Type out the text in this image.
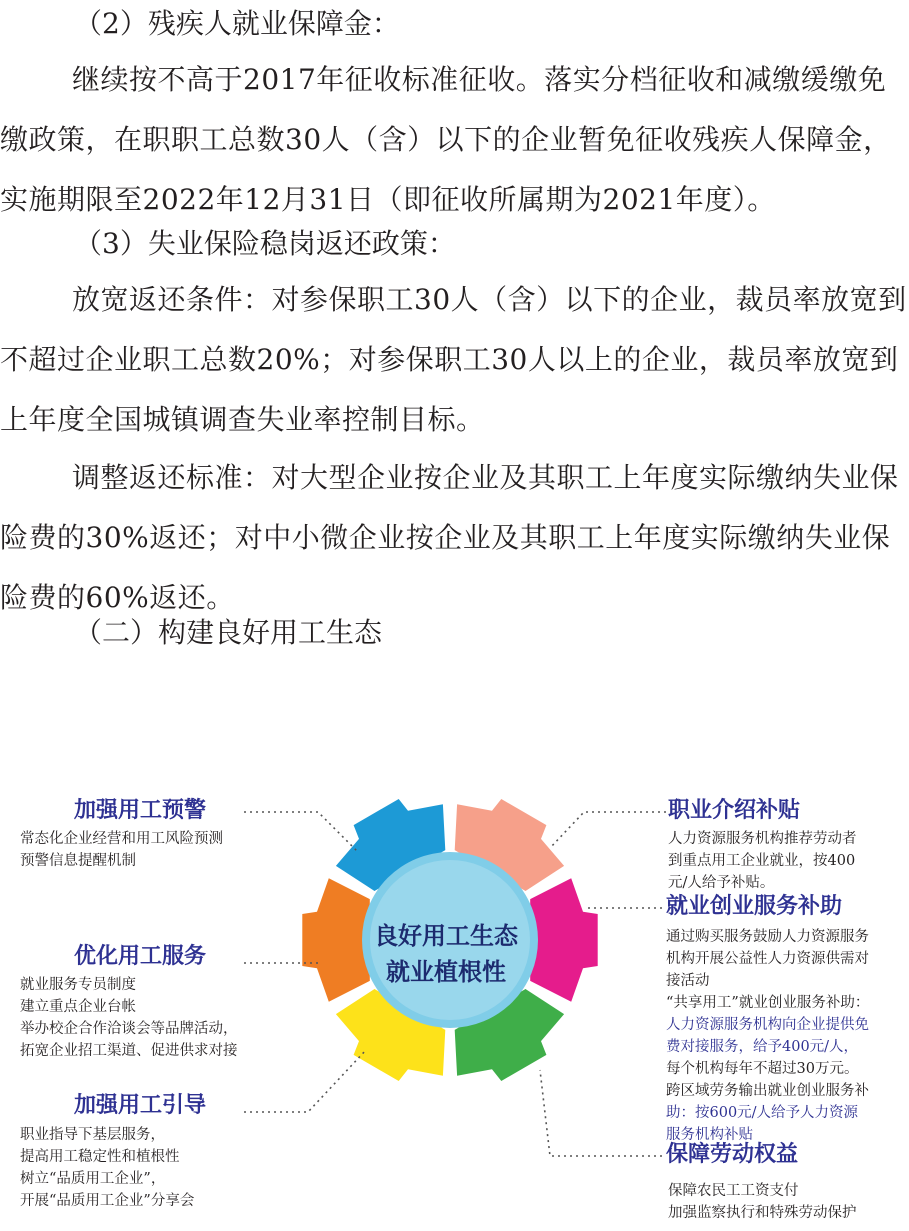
（2）残疾人就业保障金：

继续按不高于2017年征收标准征收。落实分档征收和减缴缓缴免缴政策，在职职工总数30人（含）以下的企业暂免征收残疾人保障金，实施期限至2022年12月31日（即征收所属期为2021年度）。

（3）失业保险稳岗返还政策：

放宽返还条件：对参保职工30人（含）以下的企业，裁员率放宽到不超过企业职工总数20%；对参保职工30人以上的企业，裁员率放宽到上年度全国城镇调查失业率控制目标。

调整返还标准：对大型企业按企业及其职工上年度实际缴纳失业保险费的30%返还；对中小微企业按企业及其职工上年度实际缴纳失业保险费的60%返还。

（二）构建良好用工生态

良好用工生态
就业植根性
加强用工预警
常态化企业经营和用工风险预测
预警信息提醒机制
优化用工服务
就业服务专员制度
建立重点企业台帐
举办校企合作洽谈会等品牌活动，
拓宽企业招工渠道、促进供求对接
加强用工引导
职业指导下基层服务，
提高用工稳定性和植根性
树立“品质用工企业”，
开展“品质用工企业”分享会
职业介绍补贴
人力资源服务机构推荐劳动者
到重点用工企业就业，按400
元/人给予补贴。
就业创业服务补助
通过购买服务鼓励人力资源服务
机构开展公益性人力资源供需对
接活动
“共享用工”就业创业服务补助：
人力资源服务机构向企业提供免
费对接服务，给予400元/人，
每个机构每年不超过30万元。
跨区域劳务输出就业创业服务补
助：按600元/人给予人力资源
服务机构补贴
保障劳动权益
保障农民工工资支付
加强监察执行和特殊劳动保护
